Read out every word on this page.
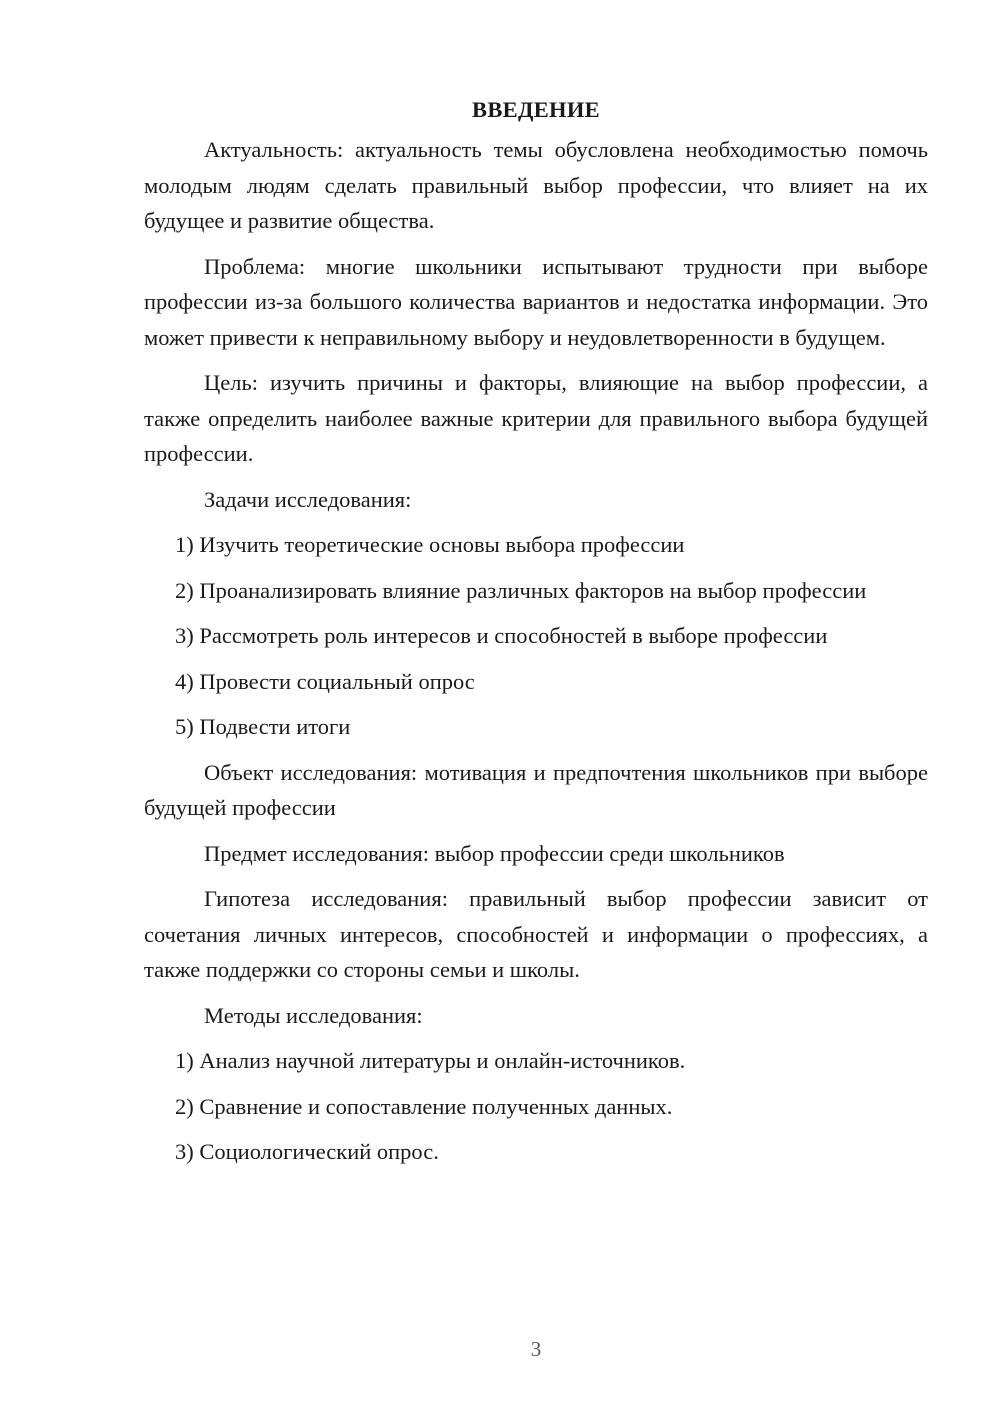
ВВЕДЕНИЕ

Актуальность: актуальность темы обусловлена необходимостью помочь молодым людям сделать правильный выбор профессии, что влияет на их будущее и развитие общества.

Проблема: многие школьники испытывают трудности при выборе профессии из-за большого количества вариантов и недостатка информации. Это может привести к неправильному выбору и неудовлетворенности в будущем.

Цель: изучить причины и факторы, влияющие на выбор профессии, а также определить наиболее важные критерии для правильного выбора будущей профессии.

Задачи исследования:

1) Изучить теоретические основы выбора профессии

2) Проанализировать влияние различных факторов на выбор профессии

3) Рассмотреть роль интересов и способностей в выборе профессии

4) Провести социальный опрос

5) Подвести итоги

Объект исследования: мотивация и предпочтения школьников при выборе будущей профессии

Предмет исследования: выбор профессии среди школьников

Гипотеза исследования: правильный выбор профессии зависит от сочетания личных интересов, способностей и информации о профессиях, а также поддержки со стороны семьи и школы.

Методы исследования:

1) Анализ научной литературы и онлайн-источников.

2) Сравнение и сопоставление полученных данных.

3) Социологический опрос.

3
